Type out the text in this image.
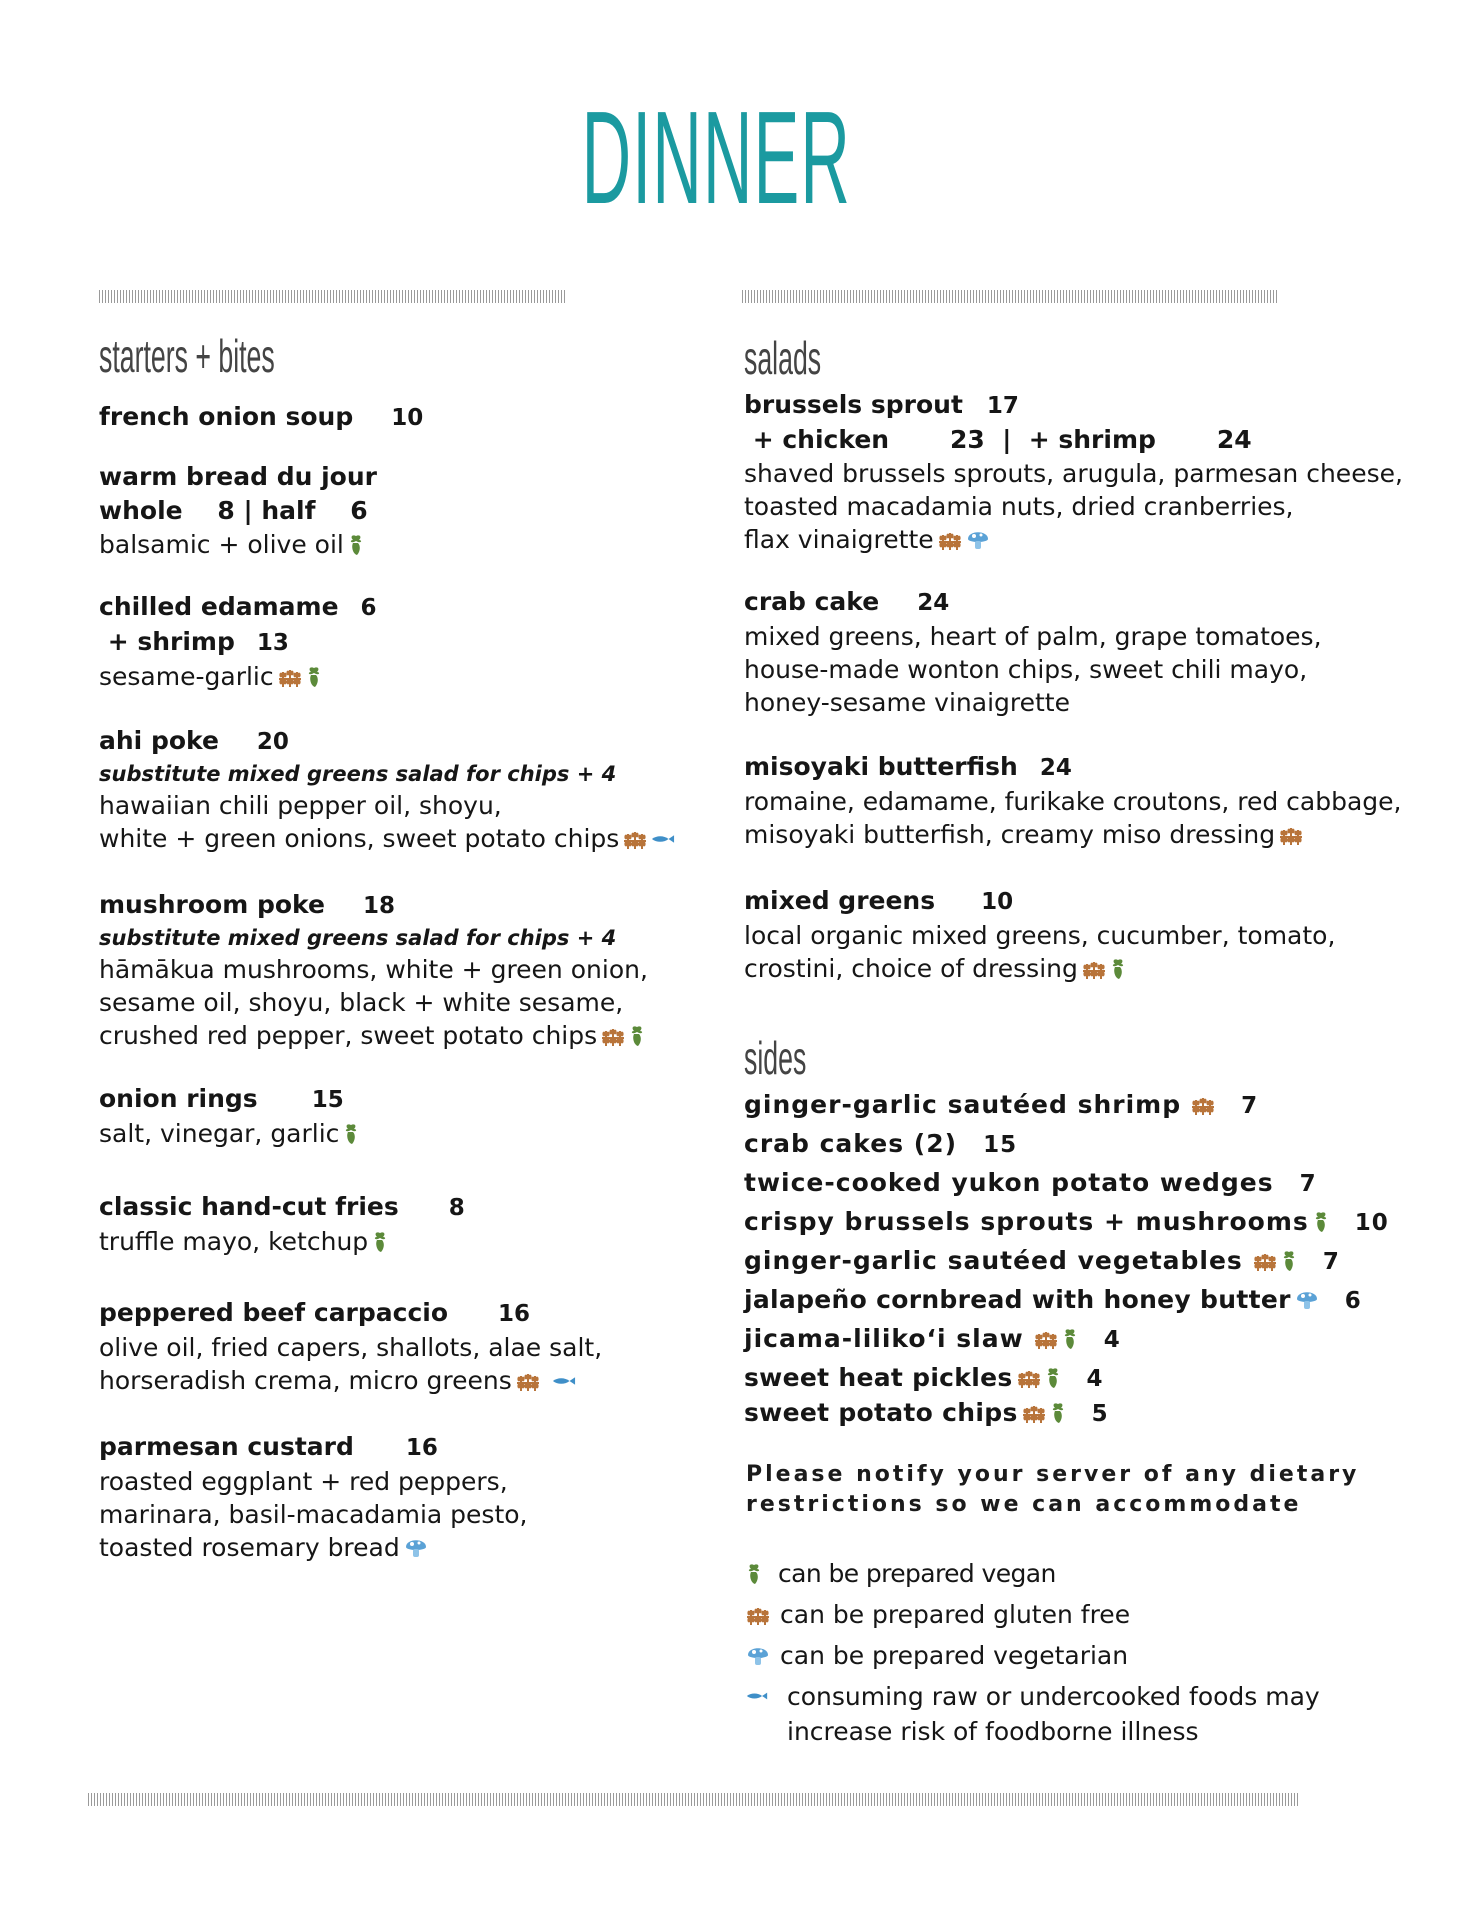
DINNER
starters + bites
french onion soup 10
warm bread du jour
whole    8 | half    6
balsamic + olive oil
chilled edamame 6
+ shrimp 13
sesame-garlic
ahi poke 20
substitute mixed greens salad for chips + 4
hawaiian chili pepper oil, shoyu,
white + green onions, sweet potato chips
mushroom poke 18
substitute mixed greens salad for chips + 4
hāmākua mushrooms, white + green onion,
sesame oil, shoyu, black + white sesame,
crushed red pepper, sweet potato chips
onion rings 15
salt, vinegar, garlic
classic hand-cut fries 8
truffle mayo, ketchup
peppered beef carpaccio 16
olive oil, fried capers, shallots, alae salt,
horseradish crema, micro greens
parmesan custard 16
roasted eggplant + red peppers,
marinara, basil-macadamia pesto,
toasted rosemary bread
salads
brussels sprout 17
+ chicken       23  |  + shrimp       24
shaved brussels sprouts, arugula, parmesan cheese,
toasted macadamia nuts, dried cranberries,
flax vinaigrette
crab cake 24
mixed greens, heart of palm, grape tomatoes,
house-made wonton chips, sweet chili mayo,
honey-sesame vinaigrette
misoyaki butterfish 24
romaine, edamame, furikake croutons, red cabbage,
misoyaki butterfish, creamy miso dressing
mixed greens 10
local organic mixed greens, cucumber, tomato,
crostini, choice of dressing
sides
ginger-garlic sautéed shrimp	7
crab cakes (2) 15
twice-cooked yukon potato wedges 7
crispy brussels sprouts + mushrooms 10
ginger-garlic sautéed vegetables	7
jalapeño cornbread with honey butter 6
jicama-liliko‘i slaw	4
sweet heat pickles	4
sweet potato chips	5
Please notify your server of any dietary
restrictions so we can accommodate
can be prepared vegan
can be prepared gluten free
can be prepared vegetarian
consuming raw or undercooked foods may
increase risk of foodborne illness
